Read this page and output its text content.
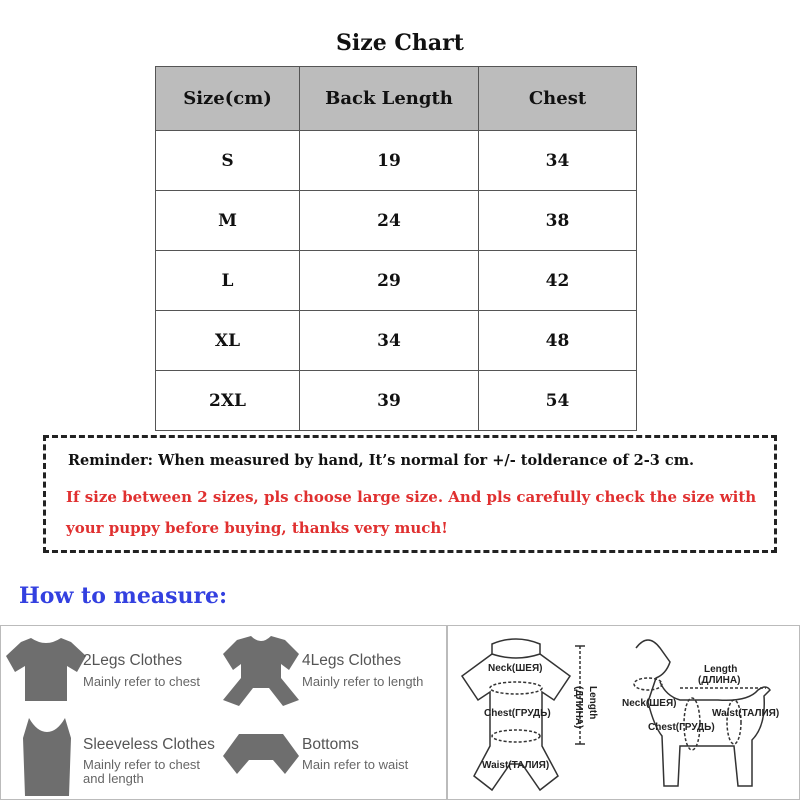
Size Chart
Size(cm)	Back Length	Chest
S	19	34
M	24	38
L	29	42
XL	34	48
2XL	39	54
Reminder: When measured by hand, It’s normal for +/- tolderance of 2-3 cm.
If size between 2 sizes, pls choose large size. And pls carefully check the size with your puppy before buying, thanks very much!
How to measure:
2Legs Clothes
Mainly refer to chest
4Legs Clothes
Mainly refer to length
Sleeveless Clothes
Mainly refer to chest and length
Bottoms
Main refer to waist
Neck(ШЕЯ)
Chest(ГРУДЬ)
Waist(ТАЛИЯ)
Length
(ДЛИНА)
Length
(ДЛИНА)
Neck(ШЕЯ)
Chest(ГРУДЬ)
Waist(ТАЛИЯ)
